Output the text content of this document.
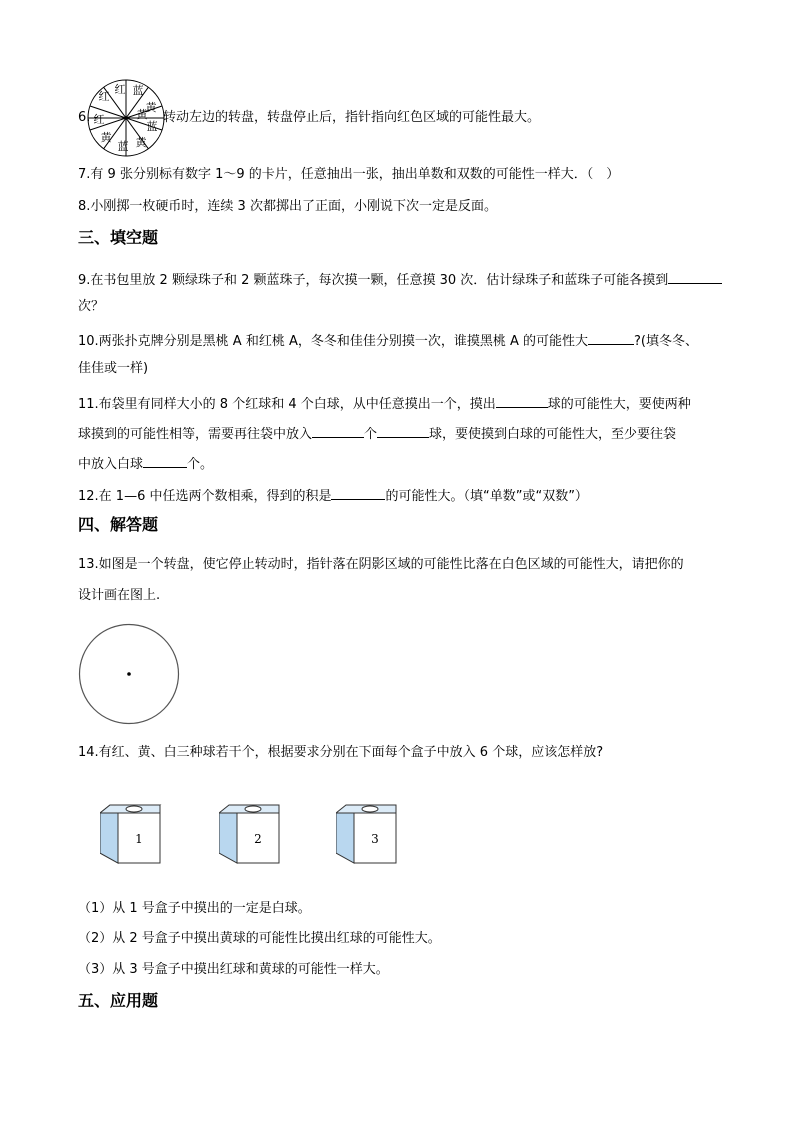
6.
红
红 蓝
黄
蓝
黄
蓝
黄
红	黄 转动左边的转盘，转盘停止后，指针指向红色区域的可能性最大。
7.有 9 张分别标有数字 1～9 的卡片，任意抽出一张，抽出单数和双数的可能性一样大．（　）
8.小刚掷一枚硬币时，连续 3 次都掷出了正面，小刚说下次一定是反面。
三、填空题
9.在书包里放 2 颗绿珠子和 2 颗蓝珠子，每次摸一颗，任意摸 30 次．估计绿珠子和蓝珠子可能各摸到
次？
10.两张扑克牌分别是黑桃 A 和红桃 A，冬冬和佳佳分别摸一次，谁摸黑桃 A 的可能性大	?(填冬冬、
佳佳或一样)
11.布袋里有同样大小的 8 个红球和 4 个白球，从中任意摸出一个，摸出	球的可能性大，要使两种
球摸到的可能性相等，需要再往袋中放入	个	球，要使摸到白球的可能性大，至少要往袋
中放入白球	个。
12.在 1—6 中任选两个数相乘，得到的积是	的可能性大。（填“单数”或“双数”）
四、解答题
13.如图是一个转盘，使它停止转动时，指针落在阴影区域的可能性比落在白色区域的可能性大，请把你的
设计画在图上.
14.有红、黄、白三种球若干个，根据要求分别在下面每个盒子中放入 6 个球，应该怎样放?
1	2	3
（1）从 1 号盒子中摸出的一定是白球。
（2）从 2 号盒子中摸出黄球的可能性比摸出红球的可能性大。
（3）从 3 号盒子中摸出红球和黄球的可能性一样大。
五、应用题
